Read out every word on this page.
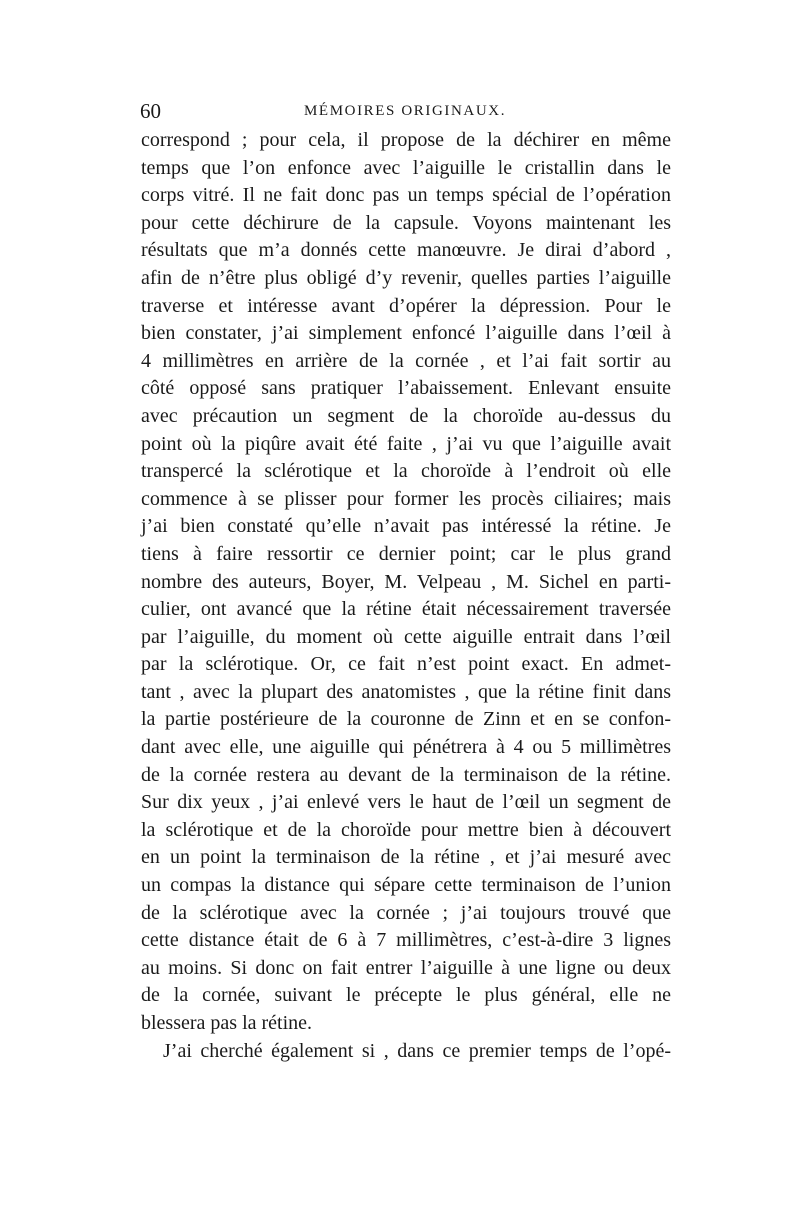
60	MÉMOIRES ORIGINAUX.
correspond ; pour cela, il propose de la déchirer en même
temps que l’on enfonce avec l’aiguille le cristallin dans le
corps vitré. Il ne fait donc pas un temps spécial de l’opération
pour cette déchirure de la capsule. Voyons maintenant les
résultats que m’a donnés cette manœuvre. Je dirai d’abord ,
afin de n’être plus obligé d’y revenir, quelles parties l’aiguille
traverse et intéresse avant d’opérer la dépression. Pour le
bien constater, j’ai simplement enfoncé l’aiguille dans l’œil à
4 millimètres en arrière de la cornée , et l’ai fait sortir au
côté opposé sans pratiquer l’abaissement. Enlevant ensuite
avec précaution un segment de la choroïde au-dessus du
point où la piqûre avait été faite , j’ai vu que l’aiguille avait
transpercé la sclérotique et la choroïde à l’endroit où elle
commence à se plisser pour former les procès ciliaires; mais
j’ai bien constaté qu’elle n’avait pas intéressé la rétine. Je
tiens à faire ressortir ce dernier point; car le plus grand
nombre des auteurs, Boyer, M. Velpeau , M. Sichel en parti-
culier, ont avancé que la rétine était nécessairement traversée
par l’aiguille, du moment où cette aiguille entrait dans l’œil
par la sclérotique. Or, ce fait n’est point exact. En admet-
tant , avec la plupart des anatomistes , que la rétine finit dans
la partie postérieure de la couronne de Zinn et en se confon-
dant avec elle, une aiguille qui pénétrera à 4 ou 5 millimètres
de la cornée restera au devant de la terminaison de la rétine.
Sur dix yeux , j’ai enlevé vers le haut de l’œil un segment de
la sclérotique et de la choroïde pour mettre bien à découvert
en un point la terminaison de la rétine , et j’ai mesuré avec
un compas la distance qui sépare cette terminaison de l’union
de la sclérotique avec la cornée ; j’ai toujours trouvé que
cette distance était de 6 à 7 millimètres, c’est-à-dire 3 lignes
au moins. Si donc on fait entrer l’aiguille à une ligne ou deux
de la cornée, suivant le précepte le plus général, elle ne
blessera pas la rétine.
J’ai cherché également si , dans ce premier temps de l’opé-
